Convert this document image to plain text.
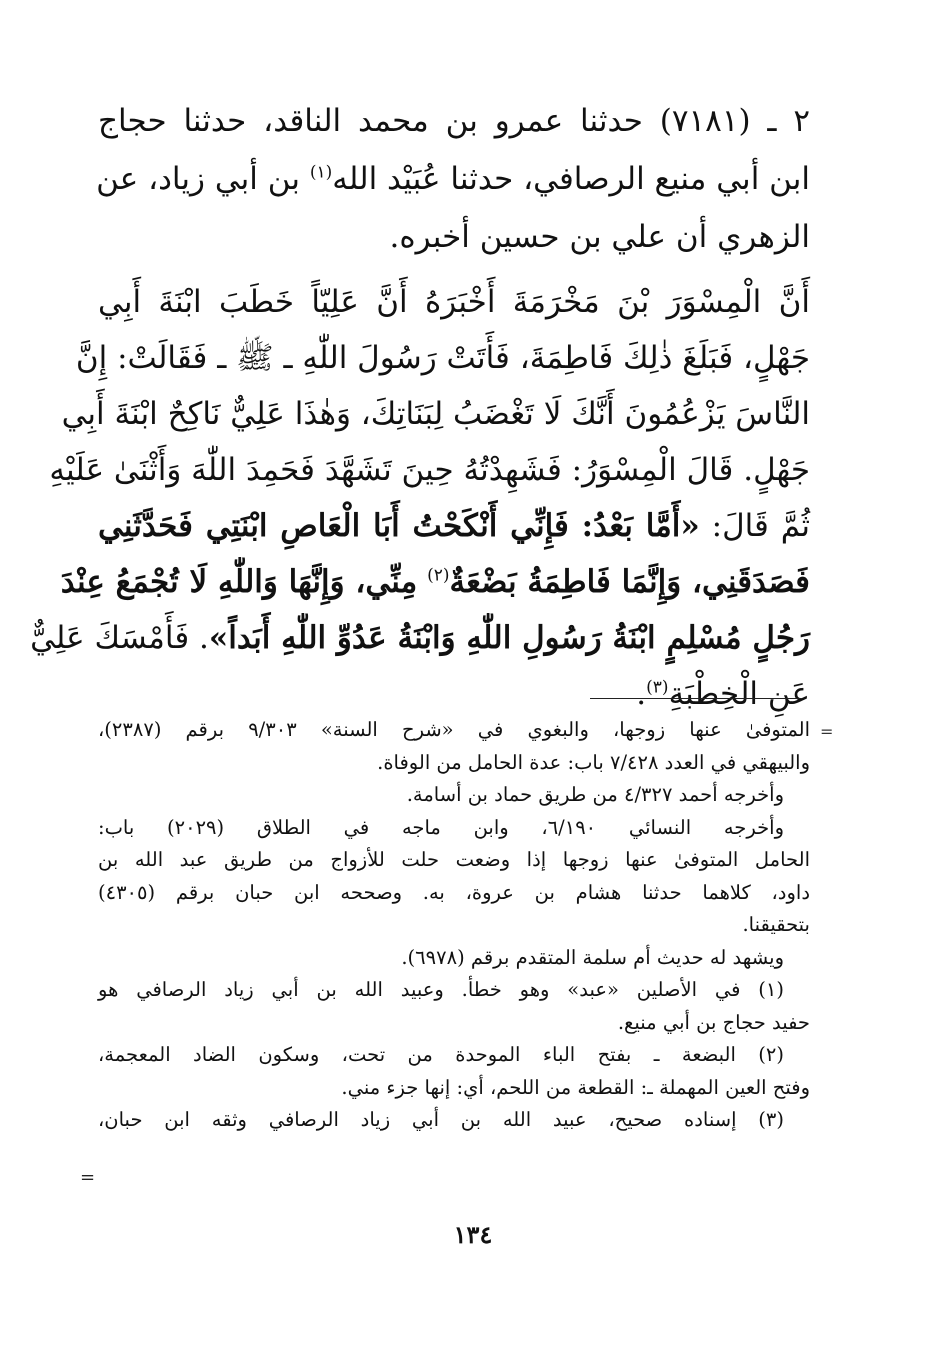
٢ ـ (٧١٨١) حدثنا عمرو بن محمد الناقد، حدثنا حجاج
ابن أبي منيع الرصافي، حدثنا عُبَيْد الله$^{(١)}$ بن أبي زياد، عن
الزهري أن علي بن حسين أخبره.
أَنَّ الْمِسْوَرَ بْنَ مَخْرَمَةَ أَخْبَرَهُ أَنَّ عَلِيّاً خَطَبَ ابْنَةَ أَبِي
جَهْلٍ، فَبَلَغَ ذٰلِكَ فَاطِمَةَ، فَأَتَتْ رَسُولَ اللّٰهِ ـ ﷺ ـ فَقَالَتْ: إِنَّ
النَّاسَ يَزْعُمُونَ أَنَّكَ لَا تَغْضَبُ لِبَنَاتِكَ، وَهٰذَا عَلِيٌّ نَاكِحٌ ابْنَةَ أَبِي
جَهْلٍ. قَالَ الْمِسْوَرُ: فَشَهِدْتُهُ حِينَ تَشَهَّدَ فَحَمِدَ اللّٰهَ وَأَثْنَىٰ عَلَيْهِ
ثُمَّ قَالَ: «أَمَّا بَعْدُ: فَإِنِّي أَنْكَحْتُ أَبَا الْعَاصِ ابْنَتِي فَحَدَّثَنِي
فَصَدَقَنِي، وَإِنَّمَا فَاطِمَةُ بَضْعَةٌ$^{(٢)}$ مِنِّي، وَإِنَّهَا وَاللّٰهِ لَا تُجْمَعُ عِنْدَ
رَجُلٍ مُسْلِمٍ ابْنَةُ رَسُولِ اللّٰهِ وَابْنَةُ عَدُوِّ اللّٰهِ أَبَداً». فَأَمْسَكَ عَلِيٌّ
عَنِ الْخِطْبَةِ$^{(٣)}$.
=
المتوفىٰ عنها زوجها، والبغوي في «شرح السنة» ٩/٣٠٣ برقم (٢٣٨٧)،
والبيهقي في العدد ٧/٤٢٨ باب: عدة الحامل من الوفاة.
وأخرجه أحمد ٤/٣٢٧ من طريق حماد بن أسامة.
وأخرجه النسائي ٦/١٩٠، وابن ماجه في الطلاق (٢٠٢٩) باب:
الحامل المتوفىٰ عنها زوجها إذا وضعت حلت للأزواج من طريق عبد الله بن
داود، كلاهما حدثنا هشام بن عروة، به. وصححه ابن حبان برقم (٤٣٠٥)
بتحقيقنا.
ويشهد له حديث أم سلمة المتقدم برقم (٦٩٧٨).
(١) في الأصلين «عبد» وهو خطأ. وعبيد الله بن أبي زياد الرصافي هو
حفيد حجاج بن أبي منيع.
(٢) البضعة ـ بفتح الباء الموحدة من تحت، وسكون الضاد المعجمة،
وفتح العين المهملة ـ: القطعة من اللحم، أي: إنها جزء مني.
(٣) إسناده صحيح، عبيد الله بن أبي زياد الرصافي وثقه ابن حبان،
=
١٣٤
